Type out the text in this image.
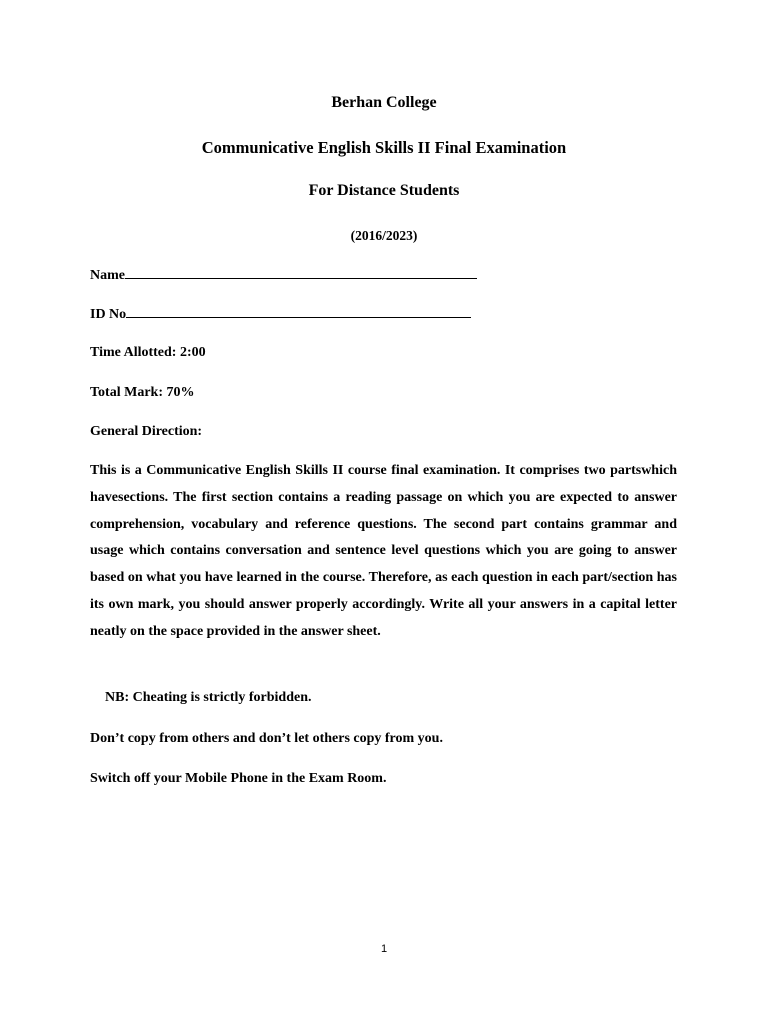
Berhan College

Communicative English Skills II Final Examination

For Distance Students

(2016/2023)

Name

ID No

Time Allotted: 2:00

Total Mark: 70%

General Direction:

This is a Communicative English Skills II course final examination. It comprises two partswhich havesections. The first section contains a reading passage on which you are expected to answer comprehension, vocabulary and reference questions. The second part contains grammar and usage which contains conversation and sentence level questions which you are going to answer based on what you have learned in the course. Therefore, as each question in each part/section has its own mark, you should answer properly accordingly. Write all your answers in a capital letter neatly on the space provided in the answer sheet.

NB: Cheating is strictly forbidden.

Don’t copy from others and don’t let others copy from you.

Switch off your Mobile Phone in the Exam Room.

1
